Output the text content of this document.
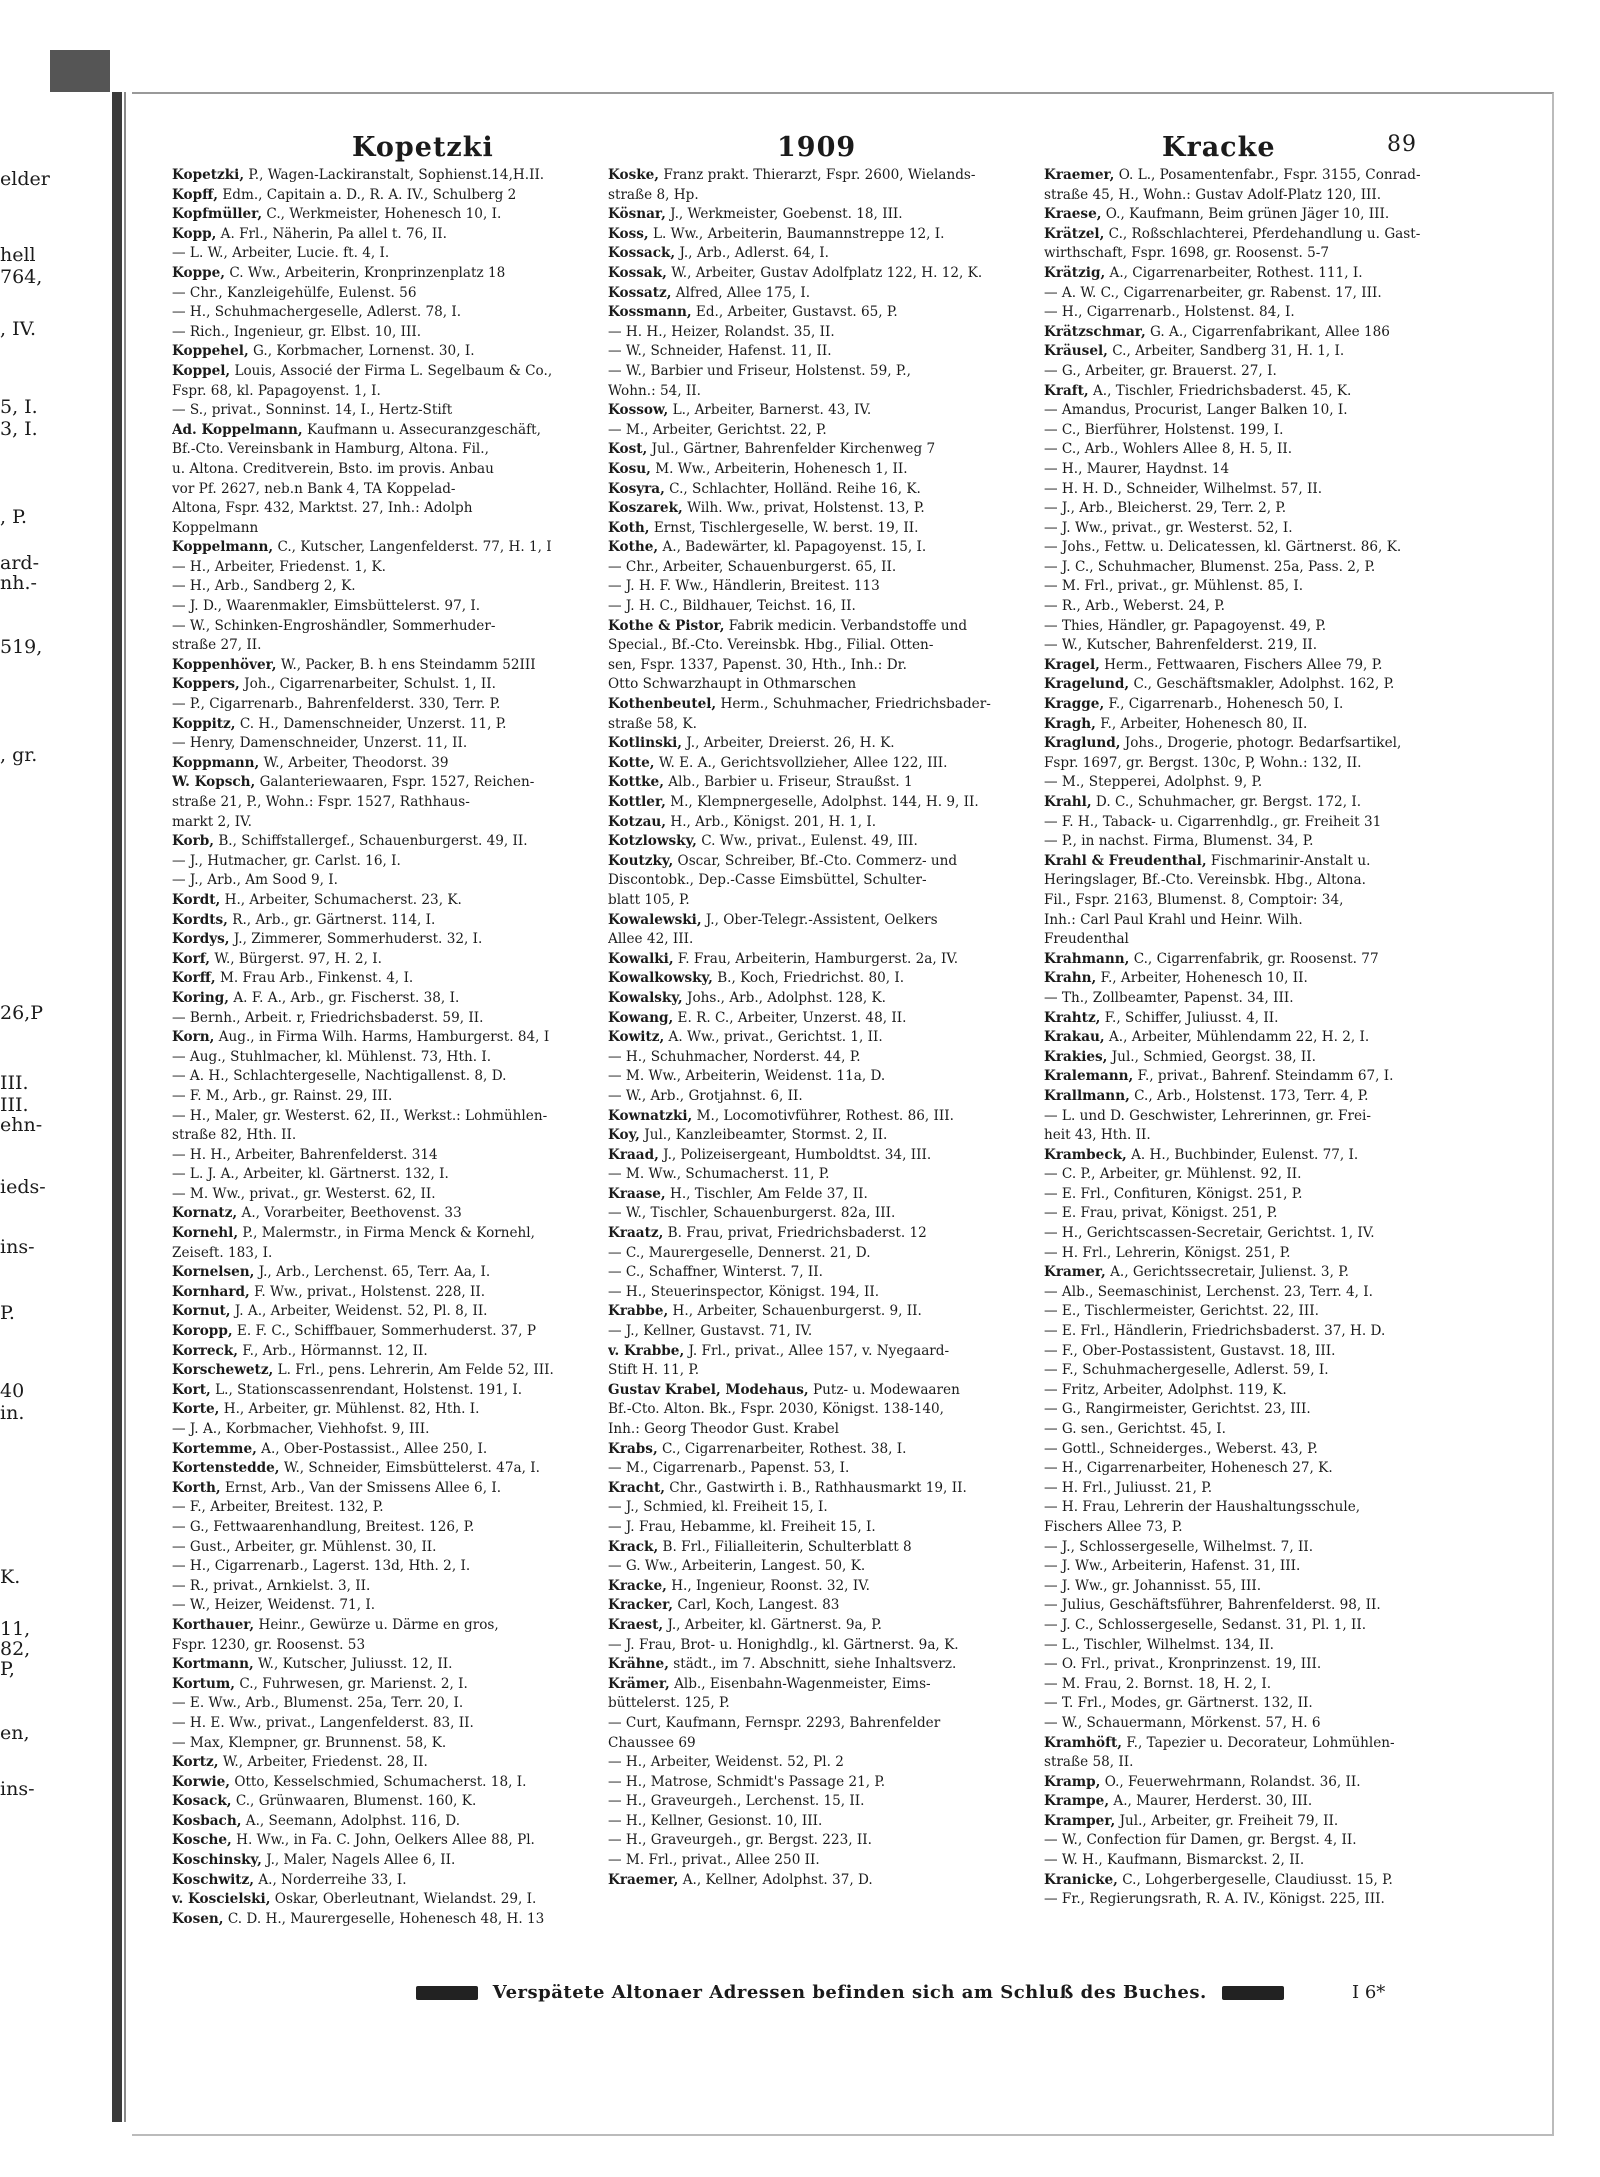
elder
hell
764,
, IV.
5, I.
3, I.
, P.
ard-
nh.-
519,
, gr.
26,P
III.
III.
ehn-
ieds-
ins-
P.
40
in.
K.
11,
82,
P,
en,
ins-
Kopetzki	1909	Kracke	89
Kopetzki, P., Wagen-Lackiranstalt, Sophienst.14,H.II.
Kopff, Edm., Capitain a. D., R. A. IV., Schulberg 2
Kopfmüller, C., Werkmeister, Hohenesch 10, I.
Kopp, A. Frl., Näherin, Pa allel t. 76, II.
— L. W., Arbeiter, Lucie. ft. 4, I.
Koppe, C. Ww., Arbeiterin, Kronprinzenplatz 18
— Chr., Kanzleigehülfe, Eulenst. 56
— H., Schuhmachergeselle, Adlerst. 78, I.
— Rich., Ingenieur, gr. Elbst. 10, III.
Koppehel, G., Korbmacher, Lornenst. 30, I.
Koppel, Louis, Associé der Firma L. Segelbaum & Co.,
Fspr. 68, kl. Papagoyenst. 1, I.
— S., privat., Sonninst. 14, I., Hertz-Stift
Ad. Koppelmann, Kaufmann u. Assecuranzgeschäft,
Bf.-Cto. Vereinsbank in Hamburg, Altona. Fil.,
u. Altona. Creditverein, Bsto. im provis. Anbau
vor Pf. 2627, neb.n Bank 4, TA Koppelad-
Altona, Fspr. 432, Marktst. 27, Inh.: Adolph
Koppelmann
Koppelmann, C., Kutscher, Langenfelderst. 77, H. 1, I
— H., Arbeiter, Friedenst. 1, K.
— H., Arb., Sandberg 2, K.
— J. D., Waarenmakler, Eimsbüttelerst. 97, I.
— W., Schinken-Engroshändler, Sommerhuder-
straße 27, II.
Koppenhöver, W., Packer, B. h ens Steindamm 52III
Koppers, Joh., Cigarrenarbeiter, Schulst. 1, II.
— P., Cigarrenarb., Bahrenfelderst. 330, Terr. P.
Koppitz, C. H., Damenschneider, Unzerst. 11, P.
— Henry, Damenschneider, Unzerst. 11, II.
Koppmann, W., Arbeiter, Theodorst. 39
W. Kopsch, Galanteriewaaren, Fspr. 1527, Reichen-
straße 21, P., Wohn.: Fspr. 1527, Rathhaus-
markt 2, IV.
Korb, B., Schiffstallergef., Schauenburgerst. 49, II.
— J., Hutmacher, gr. Carlst. 16, I.
— J., Arb., Am Sood 9, I.
Kordt, H., Arbeiter, Schumacherst. 23, K.
Kordts, R., Arb., gr. Gärtnerst. 114, I.
Kordys, J., Zimmerer, Sommerhuderst. 32, I.
Korf, W., Bürgerst. 97, H. 2, I.
Korff, M. Frau Arb., Finkenst. 4, I.
Koring, A. F. A., Arb., gr. Fischerst. 38, I.
— Bernh., Arbeit. r, Friedrichsbaderst. 59, II.
Korn, Aug., in Firma Wilh. Harms, Hamburgerst. 84, I
— Aug., Stuhlmacher, kl. Mühlenst. 73, Hth. I.
— A. H., Schlachtergeselle, Nachtigallenst. 8, D.
— F. M., Arb., gr. Rainst. 29, III.
— H., Maler, gr. Westerst. 62, II., Werkst.: Lohmühlen-
straße 82, Hth. II.
— H. H., Arbeiter, Bahrenfelderst. 314
— L. J. A., Arbeiter, kl. Gärtnerst. 132, I.
— M. Ww., privat., gr. Westerst. 62, II.
Kornatz, A., Vorarbeiter, Beethovenst. 33
Kornehl, P., Malermstr., in Firma Menck & Kornehl,
Zeiseft. 183, I.
Kornelsen, J., Arb., Lerchenst. 65, Terr. Aa, I.
Kornhard, F. Ww., privat., Holstenst. 228, II.
Kornut, J. A., Arbeiter, Weidenst. 52, Pl. 8, II.
Koropp, E. F. C., Schiffbauer, Sommerhuderst. 37, P
Korreck, F., Arb., Hörmannst. 12, II.
Korschewetz, L. Frl., pens. Lehrerin, Am Felde 52, III.
Kort, L., Stationscassenrendant, Holstenst. 191, I.
Korte, H., Arbeiter, gr. Mühlenst. 82, Hth. I.
— J. A., Korbmacher, Viehhofst. 9, III.
Kortemme, A., Ober-Postassist., Allee 250, I.
Kortenstedde, W., Schneider, Eimsbüttelerst. 47a, I.
Korth, Ernst, Arb., Van der Smissens Allee 6, I.
— F., Arbeiter, Breitest. 132, P.
— G., Fettwaarenhandlung, Breitest. 126, P.
— Gust., Arbeiter, gr. Mühlenst. 30, II.
— H., Cigarrenarb., Lagerst. 13d, Hth. 2, I.
— R., privat., Arnkielst. 3, II.
— W., Heizer, Weidenst. 71, I.
Korthauer, Heinr., Gewürze u. Därme en gros,
Fspr. 1230, gr. Roosenst. 53
Kortmann, W., Kutscher, Juliusst. 12, II.
Kortum, C., Fuhrwesen, gr. Marienst. 2, I.
— E. Ww., Arb., Blumenst. 25a, Terr. 20, I.
— H. E. Ww., privat., Langenfelderst. 83, II.
— Max, Klempner, gr. Brunnenst. 58, K.
Kortz, W., Arbeiter, Friedenst. 28, II.
Korwie, Otto, Kesselschmied, Schumacherst. 18, I.
Kosack, C., Grünwaaren, Blumenst. 160, K.
Kosbach, A., Seemann, Adolphst. 116, D.
Kosche, H. Ww., in Fa. C. John, Oelkers Allee 88, Pl.
Koschinsky, J., Maler, Nagels Allee 6, II.
Koschwitz, A., Norderreihe 33, I.
v. Koscielski, Oskar, Oberleutnant, Wielandst. 29, I.
Kosen, C. D. H., Maurergeselle, Hohenesch 48, H. 13
Koske, Franz prakt. Thierarzt, Fspr. 2600, Wielands-
straße 8, Hp.
Kösnar, J., Werkmeister, Goebenst. 18, III.
Koss, L. Ww., Arbeiterin, Baumannstreppe 12, I.
Kossack, J., Arb., Adlerst. 64, I.
Kossak, W., Arbeiter, Gustav Adolfplatz 122, H. 12, K.
Kossatz, Alfred, Allee 175, I.
Kossmann, Ed., Arbeiter, Gustavst. 65, P.
— H. H., Heizer, Rolandst. 35, II.
— W., Schneider, Hafenst. 11, II.
— W., Barbier und Friseur, Holstenst. 59, P.,
Wohn.: 54, II.
Kossow, L., Arbeiter, Barnerst. 43, IV.
— M., Arbeiter, Gerichtst. 22, P.
Kost, Jul., Gärtner, Bahrenfelder Kirchenweg 7
Kosu, M. Ww., Arbeiterin, Hohenesch 1, II.
Kosyra, C., Schlachter, Holländ. Reihe 16, K.
Koszarek, Wilh. Ww., privat, Holstenst. 13, P.
Koth, Ernst, Tischlergeselle, W. berst. 19, II.
Kothe, A., Badewärter, kl. Papagoyenst. 15, I.
— Chr., Arbeiter, Schauenburgerst. 65, II.
— J. H. F. Ww., Händlerin, Breitest. 113
— J. H. C., Bildhauer, Teichst. 16, II.
Kothe & Pistor, Fabrik medicin. Verbandstoffe und
Special., Bf.-Cto. Vereinsbk. Hbg., Filial. Otten-
sen, Fspr. 1337, Papenst. 30, Hth., Inh.: Dr.
Otto Schwarzhaupt in Othmarschen
Kothenbeutel, Herm., Schuhmacher, Friedrichsbader-
straße 58, K.
Kotlinski, J., Arbeiter, Dreierst. 26, H. K.
Kotte, W. E. A., Gerichtsvollzieher, Allee 122, III.
Kottke, Alb., Barbier u. Friseur, Straußst. 1
Kottler, M., Klempnergeselle, Adolphst. 144, H. 9, II.
Kotzau, H., Arb., Königst. 201, H. 1, I.
Kotzlowsky, C. Ww., privat., Eulenst. 49, III.
Koutzky, Oscar, Schreiber, Bf.-Cto. Commerz- und
Discontobk., Dep.-Casse Eimsbüttel, Schulter-
blatt 105, P.
Kowalewski, J., Ober-Telegr.-Assistent, Oelkers
Allee 42, III.
Kowalki, F. Frau, Arbeiterin, Hamburgerst. 2a, IV.
Kowalkowsky, B., Koch, Friedrichst. 80, I.
Kowalsky, Johs., Arb., Adolphst. 128, K.
Kowang, E. R. C., Arbeiter, Unzerst. 48, II.
Kowitz, A. Ww., privat., Gerichtst. 1, II.
— H., Schuhmacher, Norderst. 44, P.
— M. Ww., Arbeiterin, Weidenst. 11a, D.
— W., Arb., Grotjahnst. 6, II.
Kownatzki, M., Locomotivführer, Rothest. 86, III.
Koy, Jul., Kanzleibeamter, Stormst. 2, II.
Kraad, J., Polizeisergeant, Humboldtst. 34, III.
— M. Ww., Schumacherst. 11, P.
Kraase, H., Tischler, Am Felde 37, II.
— W., Tischler, Schauenburgerst. 82a, III.
Kraatz, B. Frau, privat, Friedrichsbaderst. 12
— C., Maurergeselle, Dennerst. 21, D.
— C., Schaffner, Winterst. 7, II.
— H., Steuerinspector, Königst. 194, II.
Krabbe, H., Arbeiter, Schauenburgerst. 9, II.
— J., Kellner, Gustavst. 71, IV.
v. Krabbe, J. Frl., privat., Allee 157, v. Nyegaard-
Stift H. 11, P.
Gustav Krabel, Modehaus, Putz- u. Modewaaren
Bf.-Cto. Alton. Bk., Fspr. 2030, Königst. 138-140,
Inh.: Georg Theodor Gust. Krabel
Krabs, C., Cigarrenarbeiter, Rothest. 38, I.
— M., Cigarrenarb., Papenst. 53, I.
Kracht, Chr., Gastwirth i. B., Rathhausmarkt 19, II.
— J., Schmied, kl. Freiheit 15, I.
— J. Frau, Hebamme, kl. Freiheit 15, I.
Krack, B. Frl., Filialleiterin, Schulterblatt 8
— G. Ww., Arbeiterin, Langest. 50, K.
Kracke, H., Ingenieur, Roonst. 32, IV.
Kracker, Carl, Koch, Langest. 83
Kraest, J., Arbeiter, kl. Gärtnerst. 9a, P.
— J. Frau, Brot- u. Honighdlg., kl. Gärtnerst. 9a, K.
Krähne, städt., im 7. Abschnitt, siehe Inhaltsverz.
Krämer, Alb., Eisenbahn-Wagenmeister, Eims-
büttelerst. 125, P.
— Curt, Kaufmann, Fernspr. 2293, Bahrenfelder
Chaussee 69
— H., Arbeiter, Weidenst. 52, Pl. 2
— H., Matrose, Schmidt's Passage 21, P.
— H., Graveurgeh., Lerchenst. 15, II.
— H., Kellner, Gesionst. 10, III.
— H., Graveurgeh., gr. Bergst. 223, II.
— M. Frl., privat., Allee 250 II.
Kraemer, A., Kellner, Adolphst. 37, D.
Kraemer, O. L., Posamentenfabr., Fspr. 3155, Conrad-
straße 45, H., Wohn.: Gustav Adolf-Platz 120, III.
Kraese, O., Kaufmann, Beim grünen Jäger 10, III.
Krätzel, C., Roßschlachterei, Pferdehandlung u. Gast-
wirthschaft, Fspr. 1698, gr. Roosenst. 5-7
Krätzig, A., Cigarrenarbeiter, Rothest. 111, I.
— A. W. C., Cigarrenarbeiter, gr. Rabenst. 17, III.
— H., Cigarrenarb., Holstenst. 84, I.
Krätzschmar, G. A., Cigarrenfabrikant, Allee 186
Kräusel, C., Arbeiter, Sandberg 31, H. 1, I.
— G., Arbeiter, gr. Brauerst. 27, I.
Kraft, A., Tischler, Friedrichsbaderst. 45, K.
— Amandus, Procurist, Langer Balken 10, I.
— C., Bierführer, Holstenst. 199, I.
— C., Arb., Wohlers Allee 8, H. 5, II.
— H., Maurer, Haydnst. 14
— H. H. D., Schneider, Wilhelmst. 57, II.
— J., Arb., Bleicherst. 29, Terr. 2, P.
— J. Ww., privat., gr. Westerst. 52, I.
— Johs., Fettw. u. Delicatessen, kl. Gärtnerst. 86, K.
— J. C., Schuhmacher, Blumenst. 25a, Pass. 2, P.
— M. Frl., privat., gr. Mühlenst. 85, I.
— R., Arb., Weberst. 24, P.
— Thies, Händler, gr. Papagoyenst. 49, P.
— W., Kutscher, Bahrenfelderst. 219, II.
Kragel, Herm., Fettwaaren, Fischers Allee 79, P.
Kragelund, C., Geschäftsmakler, Adolphst. 162, P.
Kragge, F., Cigarrenarb., Hohenesch 50, I.
Kragh, F., Arbeiter, Hohenesch 80, II.
Kraglund, Johs., Drogerie, photogr. Bedarfsartikel,
Fspr. 1697, gr. Bergst. 130c, P, Wohn.: 132, II.
— M., Stepperei, Adolphst. 9, P.
Krahl, D. C., Schuhmacher, gr. Bergst. 172, I.
— F. H., Taback- u. Cigarrenhdlg., gr. Freiheit 31
— P., in nachst. Firma, Blumenst. 34, P.
Krahl & Freudenthal, Fischmarinir-Anstalt u.
Heringslager, Bf.-Cto. Vereinsbk. Hbg., Altona.
Fil., Fspr. 2163, Blumenst. 8, Comptoir: 34,
Inh.: Carl Paul Krahl und Heinr. Wilh.
Freudenthal
Krahmann, C., Cigarrenfabrik, gr. Roosenst. 77
Krahn, F., Arbeiter, Hohenesch 10, II.
— Th., Zollbeamter, Papenst. 34, III.
Krahtz, F., Schiffer, Juliusst. 4, II.
Krakau, A., Arbeiter, Mühlendamm 22, H. 2, I.
Krakies, Jul., Schmied, Georgst. 38, II.
Kralemann, F., privat., Bahrenf. Steindamm 67, I.
Krallmann, C., Arb., Holstenst. 173, Terr. 4, P.
— L. und D. Geschwister, Lehrerinnen, gr. Frei-
heit 43, Hth. II.
Krambeck, A. H., Buchbinder, Eulenst. 77, I.
— C. P., Arbeiter, gr. Mühlenst. 92, II.
— E. Frl., Confituren, Königst. 251, P.
— E. Frau, privat, Königst. 251, P.
— H., Gerichtscassen-Secretair, Gerichtst. 1, IV.
— H. Frl., Lehrerin, Königst. 251, P.
Kramer, A., Gerichtssecretair, Julienst. 3, P.
— Alb., Seemaschinist, Lerchenst. 23, Terr. 4, I.
— E., Tischlermeister, Gerichtst. 22, III.
— E. Frl., Händlerin, Friedrichsbaderst. 37, H. D.
— F., Ober-Postassistent, Gustavst. 18, III.
— F., Schuhmachergeselle, Adlerst. 59, I.
— Fritz, Arbeiter, Adolphst. 119, K.
— G., Rangirmeister, Gerichtst. 23, III.
— G. sen., Gerichtst. 45, I.
— Gottl., Schneiderges., Weberst. 43, P.
— H., Cigarrenarbeiter, Hohenesch 27, K.
— H. Frl., Juliusst. 21, P.
— H. Frau, Lehrerin der Haushaltungsschule,
Fischers Allee 73, P.
— J., Schlossergeselle, Wilhelmst. 7, II.
— J. Ww., Arbeiterin, Hafenst. 31, III.
— J. Ww., gr. Johannisst. 55, III.
— Julius, Geschäftsführer, Bahrenfelderst. 98, II.
— J. C., Schlossergeselle, Sedanst. 31, Pl. 1, II.
— L., Tischler, Wilhelmst. 134, II.
— O. Frl., privat., Kronprinzenst. 19, III.
— M. Frau, 2. Bornst. 18, H. 2, I.
— T. Frl., Modes, gr. Gärtnerst. 132, II.
— W., Schauermann, Mörkenst. 57, H. 6
Kramhöft, F., Tapezier u. Decorateur, Lohmühlen-
straße 58, II.
Kramp, O., Feuerwehrmann, Rolandst. 36, II.
Krampe, A., Maurer, Herderst. 30, III.
Kramper, Jul., Arbeiter, gr. Freiheit 79, II.
— W., Confection für Damen, gr. Bergst. 4, II.
— W. H., Kaufmann, Bismarckst. 2, II.
Kranicke, C., Lohgerbergeselle, Claudiusst. 15, P.
— Fr., Regierungsrath, R. A. IV., Königst. 225, III.
Verspätete Altonaer Adressen befinden sich am Schluß des Buches.	I 6*
